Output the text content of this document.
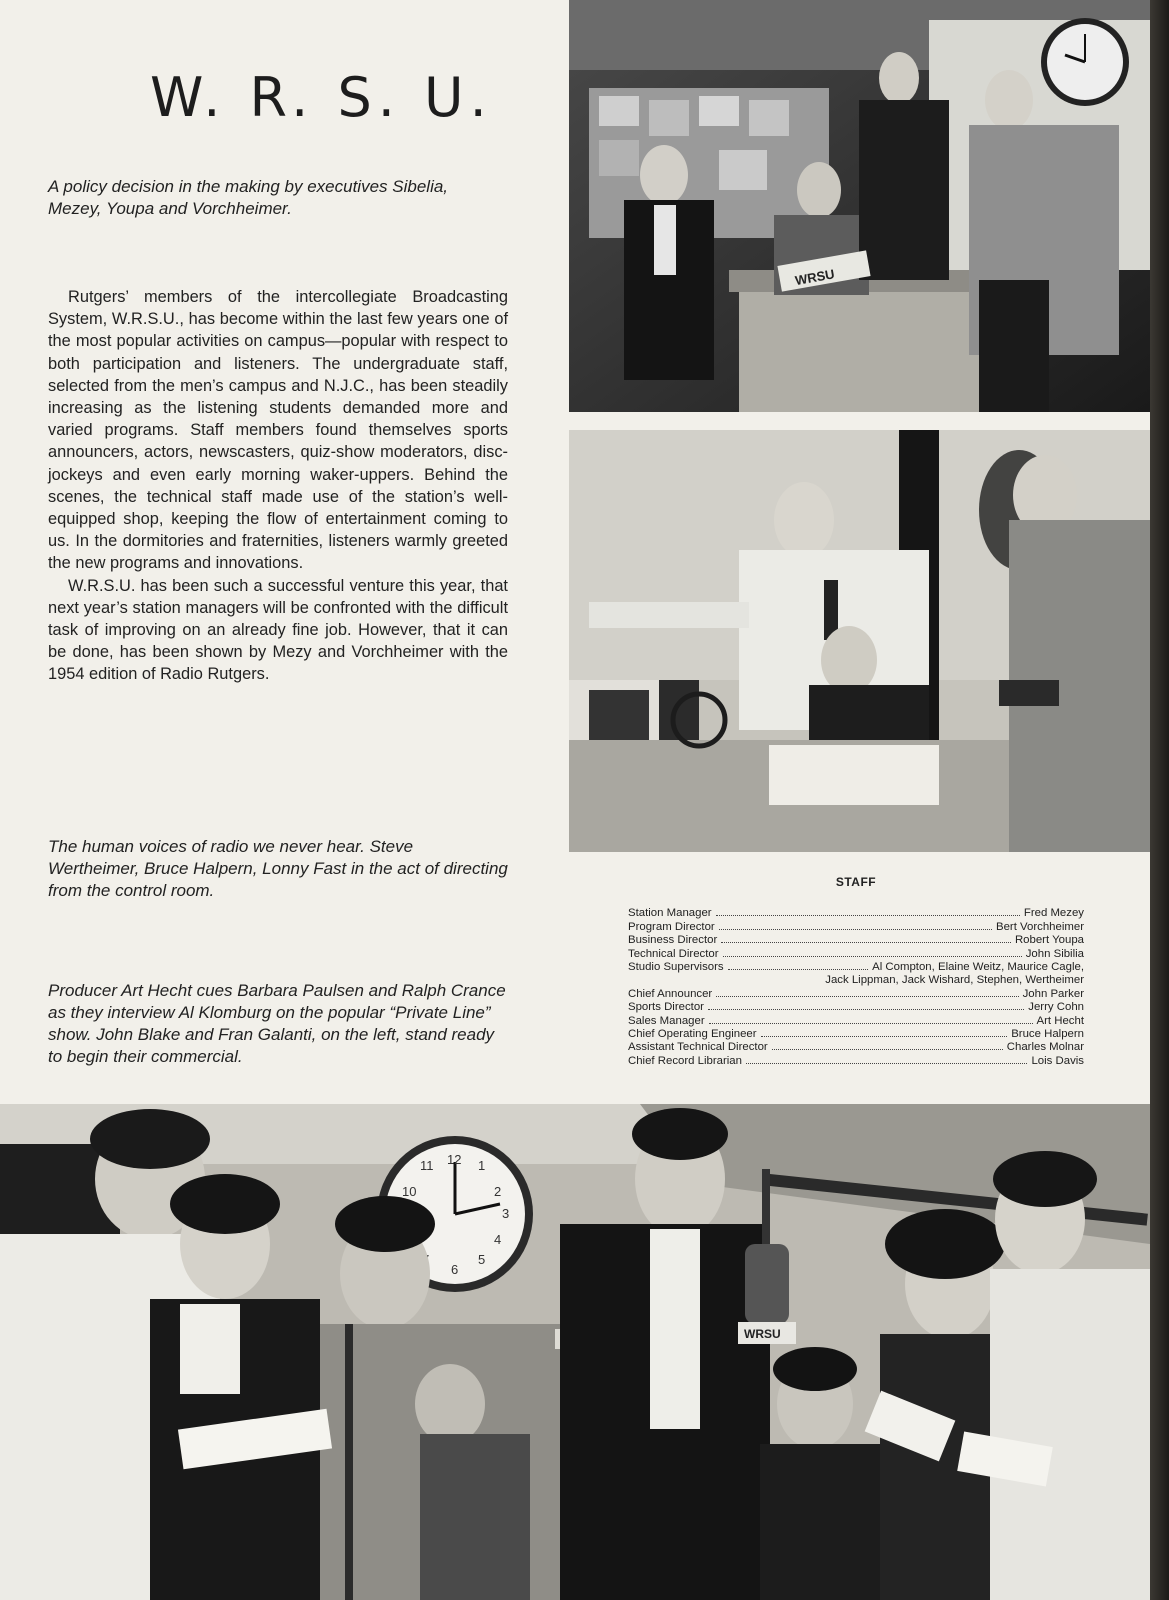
W. R. S. U.

A policy decision in the making by executives Sibelia, Mezey, Youpa and Vorchheimer.

Rutgers’ members of the intercollegiate Broadcasting System, W.R.S.U., has become within the last few years one of the most popular activities on campus—popular with respect to both participation and listeners. The undergraduate staff, selected from the men’s campus and N.J.C., has been steadily increasing as the listening students demanded more and varied programs. Staff members found themselves sports announcers, actors, newscasters, quiz-show moderators, disc-jockeys and even early morning waker-uppers. Behind the scenes, the technical staff made use of the station’s well-equipped shop, keeping the flow of entertainment coming to us. In the dormitories and fraternities, listeners warmly greeted the new programs and innovations.

W.R.S.U. has been such a successful venture this year, that next year’s station managers will be confronted with the difficult task of improving on an already fine job. However, that it can be done, has been shown by Mezy and Vorchheimer with the 1954 edition of Radio Rutgers.

The human voices of radio we never hear. Steve Wertheimer, Bruce Halpern, Lonny Fast in the act of directing from the control room.

Producer Art Hecht cues Barbara Paulsen and Ralph Crance as they interview Al Klomburg on the popular “Private Line” show. John Blake and Fran Galanti, on the left, stand ready to begin their commercial.

WRSU
STAFF
Station Manager	Fred Mezey
Program Director	Bert Vorchheimer
Business Director	Robert Youpa
Technical Director	John Sibilia
Studio Supervisors	Al Compton, Elaine Weitz, Maurice Cagle,
Jack Lippman, Jack Wishard, Stephen, Wertheimer
Chief Announcer	John Parker
Sports Director	Jerry Cohn
Sales Manager	Art Hecht
Chief Operating Engineer	Bruce Halpern
Assistant Technical Director	Charles Molnar
Chief Record Librarian	Lois Davis
12 1
2
3
4
5
6
10
11
WRSU
